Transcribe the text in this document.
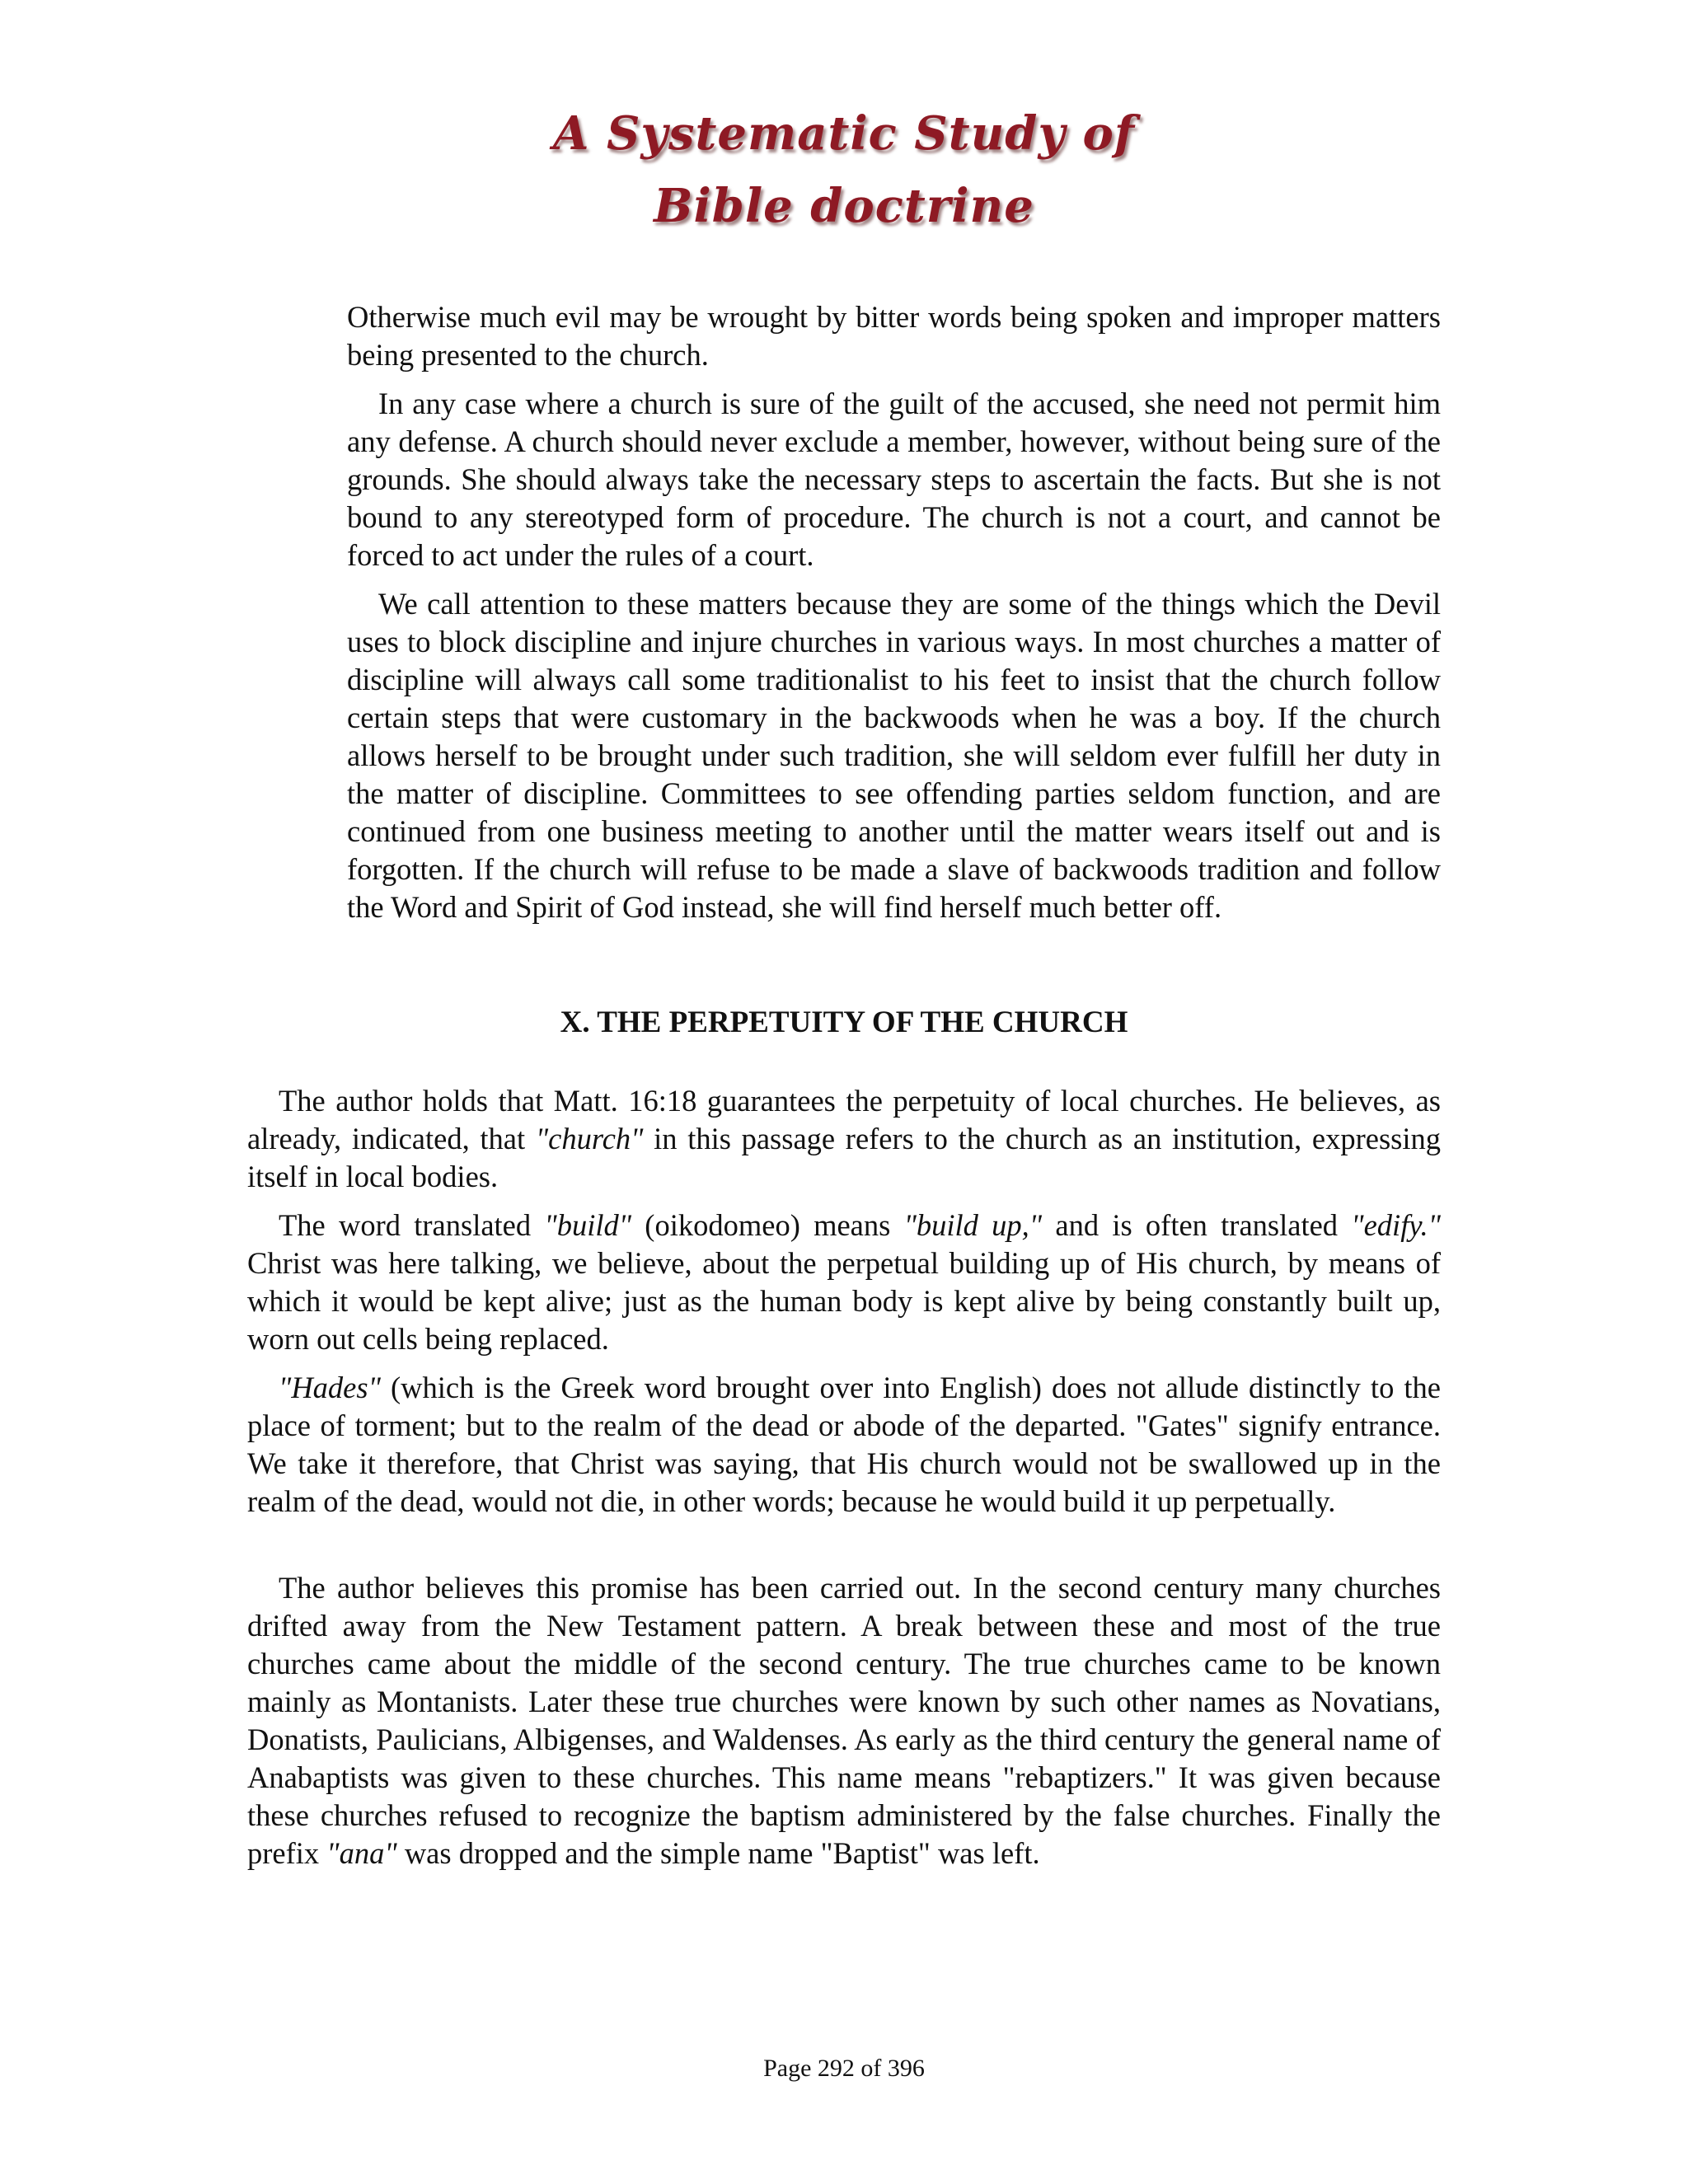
A Systematic Study of
Bible doctrine

Otherwise much evil may be wrought by bitter words being spoken and improper matters being presented to the church.

In any case where a church is sure of the guilt of the accused, she need not permit him any defense. A church should never exclude a member, however, without being sure of the grounds. She should always take the necessary steps to ascertain the facts. But she is not bound to any stereotyped form of procedure. The church is not a court, and cannot be forced to act under the rules of a court.

We call attention to these matters because they are some of the things which the Devil uses to block discipline and injure churches in various ways. In most churches a matter of discipline will always call some traditionalist to his feet to insist that the church follow certain steps that were customary in the backwoods when he was a boy. If the church allows herself to be brought under such tradition, she will seldom ever fulfill her duty in the matter of discipline. Committees to see offending parties seldom function, and are continued from one business meeting to another until the matter wears itself out and is forgotten. If the church will refuse to be made a slave of backwoods tradition and follow the Word and Spirit of God instead, she will find herself much better off.

X. THE PERPETUITY OF THE CHURCH

The author holds that Matt. 16:18 guarantees the perpetuity of local churches. He believes, as already, indicated, that "church" in this passage refers to the church as an institution, expressing itself in local bodies.

The word translated "build" (oikodomeo) means "build up," and is often translated "edify." Christ was here talking, we believe, about the perpetual building up of His church, by means of which it would be kept alive; just as the human body is kept alive by being constantly built up, worn out cells being replaced.

"Hades" (which is the Greek word brought over into English) does not allude distinctly to the place of torment; but to the realm of the dead or abode of the departed. "Gates" signify entrance. We take it therefore, that Christ was saying, that His church would not be swallowed up in the realm of the dead, would not die, in other words; because he would build it up perpetually.

The author believes this promise has been carried out. In the second century many churches drifted away from the New Testament pattern. A break between these and most of the true churches came about the middle of the second century. The true churches came to be known mainly as Montanists. Later these true churches were known by such other names as Novatians, Donatists, Paulicians, Albigenses, and Waldenses. As early as the third century the general name of Anabaptists was given to these churches. This name means "rebaptizers." It was given because these churches refused to recognize the baptism administered by the false churches. Finally the prefix "ana" was dropped and the simple name "Baptist" was left.

Page 292 of 396
